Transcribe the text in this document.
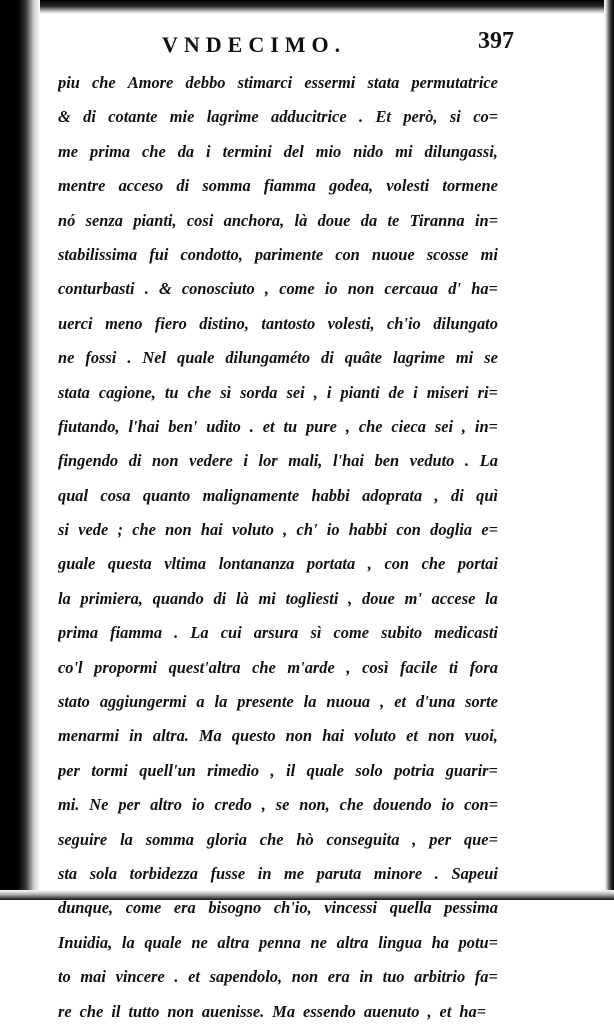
VNDECIMO.	397
piu che Amore debbo stimarci essermi stata permutatrice
& di cotante mie lagrime adducitrice . Et però, si co=
me prima che da i termini del mio nido mi dilungassi,
mentre acceso di somma fiamma godea, volesti tormene
nó senza pianti, cosi anchora, là doue da te Tiranna in=
stabilissima fui condotto, parimente con nuoue scosse mi
conturbasti . & conosciuto , come io non cercaua d' ha=
uerci meno fiero distino, tantosto volesti, ch'io dilungato
ne fossi . Nel quale dilungaméto di quâte lagrime mi se
stata cagione, tu che sì sorda sei , i pianti de i miseri ri=
fiutando, l'hai ben' udito . et tu pure , che cieca sei , in=
fingendo di non vedere i lor mali, l'hai ben veduto . La
qual cosa quanto malignamente habbi adoprata , di quì
si vede ; che non hai voluto , ch' io habbi con doglia e=
guale questa vltima lontananza portata , con che portai
la primiera, quando di là mi togliesti , doue m' accese la
prima fiamma . La cui arsura sì come subito medicasti
co'l propormi quest'altra che m'arde , così facile ti fora
stato aggiungermi a la presente la nuoua , et d'una sorte
menarmi in altra. Ma questo non hai voluto et non vuoi,
per tormi quell'un rimedio , il quale solo potria guarir=
mi. Ne per altro io credo , se non, che douendo io con=
seguire la somma gloria che hò conseguita , per que=
sta sola torbidezza fusse in me paruta minore . Sapeui
dunque, come era bisogno ch'io, vincessi quella pessima
Inuidia, la quale ne altra penna ne altra lingua ha potu=
to mai vincere . et sapendolo, non era in tuo arbitrio fa=
re che il tutto non auenisse. Ma essendo auenuto , et ha=
